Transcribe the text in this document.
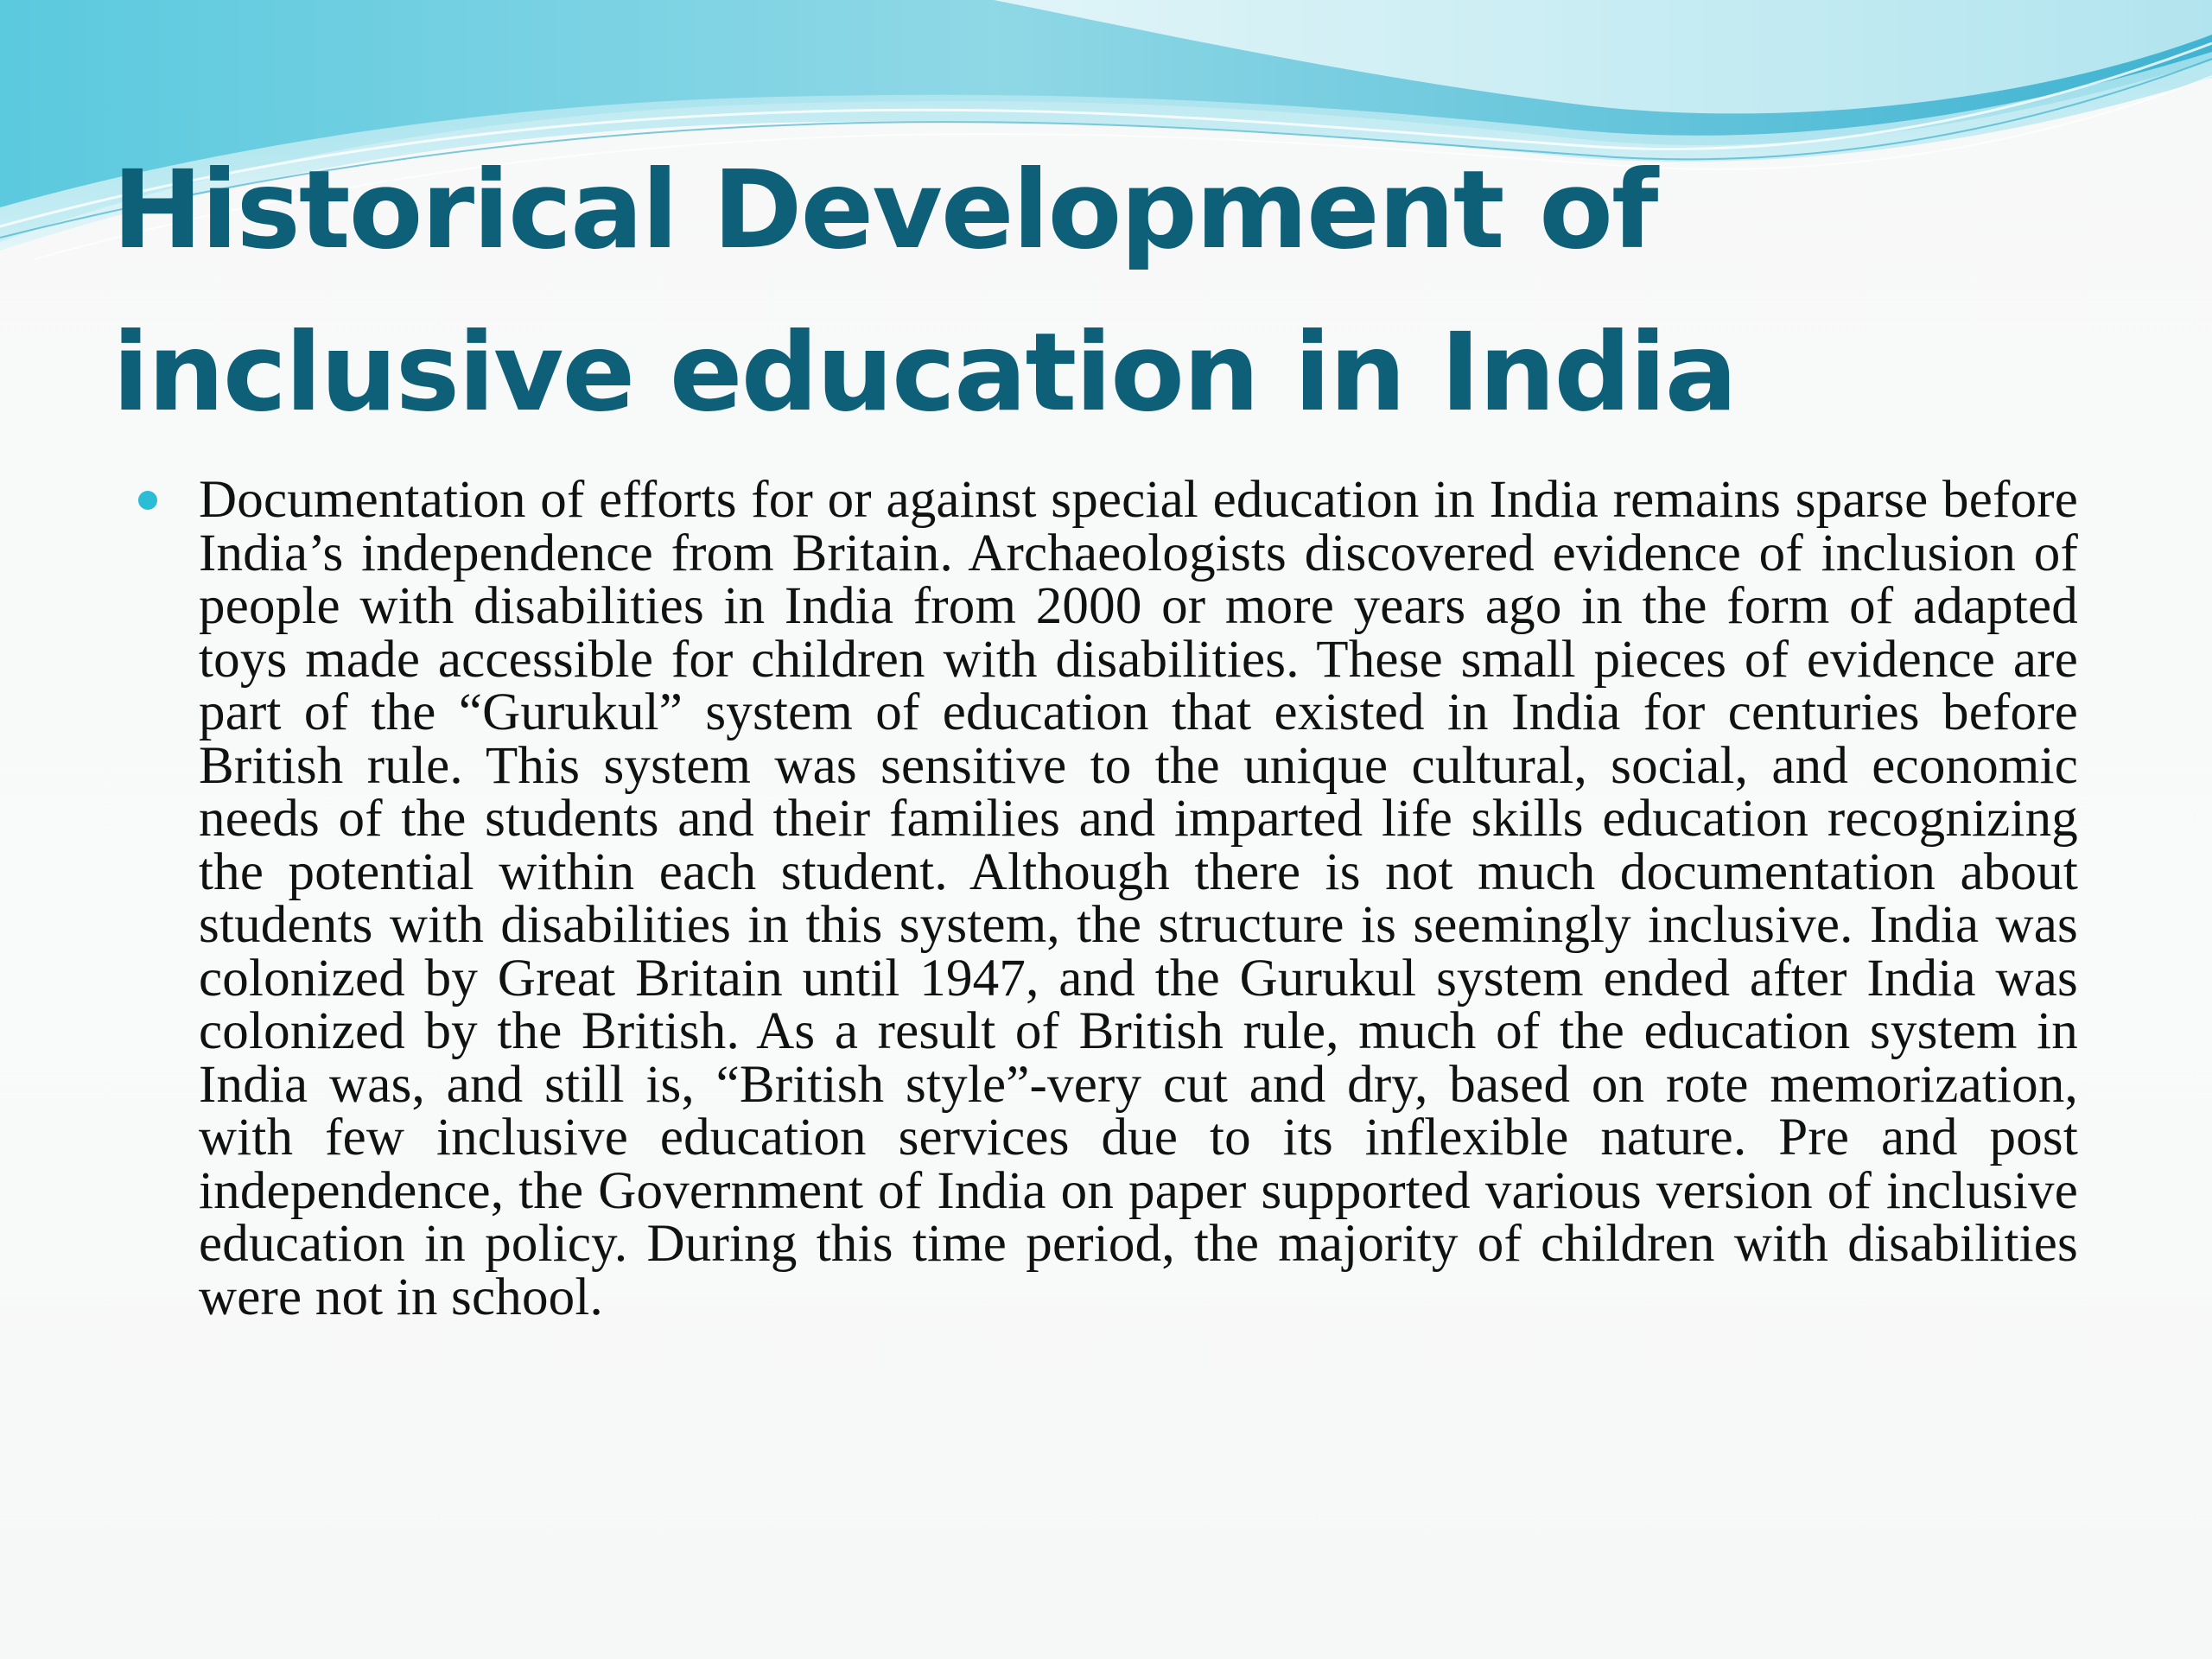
Historical Development of
inclusive education in India

Documentation of efforts for or against special education in India remains sparse before India’s independence from Britain. Archaeologists discovered evidence of inclusion of people with disabilities in India from 2000 or more years ago in the form of adapted toys made accessible for children with disabilities. These small pieces of evidence are part of the “Gurukul” system of education that existed in India for centuries before British rule. This system was sensitive to the unique cultural, social, and economic needs of the students and their families and imparted life skills education recognizing the potential within each student. Although there is not much documentation about students with disabilities in this system, the structure is seemingly inclusive. India was colonized by Great Britain until 1947, and the Gurukul system ended after India was colonized by the British. As a result of British rule, much of the education system in India was, and still is, “British style”-very cut and dry, based on rote memorization, with few inclusive education services due to its inflexible nature. Pre and post independence, the Government of India on paper supported various version of inclusive education in policy. During this time period, the majority of children with disabilities were not in school.
